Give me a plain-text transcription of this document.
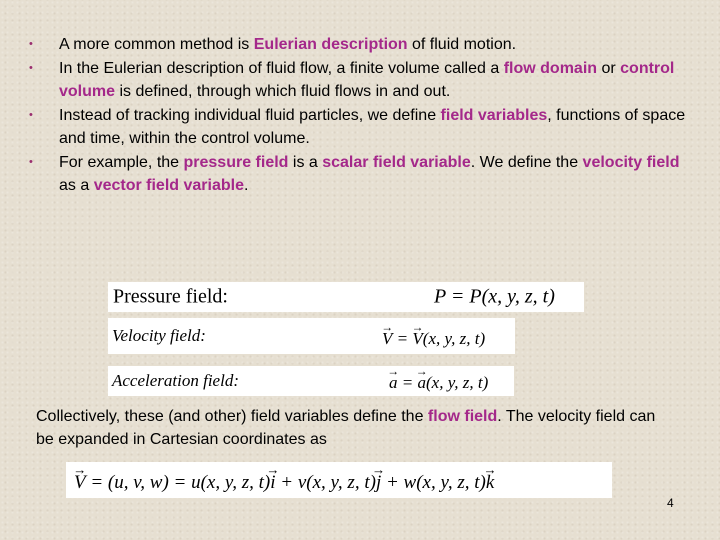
• A more common method is Eulerian description of fluid motion.
• In the Eulerian description of fluid flow, a finite volume called a flow domain or control volume is defined, through which fluid flows in and out.
• Instead of tracking individual fluid particles, we define field variables, functions of space and time, within the control volume.
• For example, the pressure field is a scalar field variable. We define the velocity field as a vector field variable.
Pressure field:	P = P(x, y, z, t)
Velocity field:	→ V = → V(x, y, z, t)
Acceleration field:	→ a = → a(x, y, z, t)

Collectively, these (and other) field variables define the flow field. The velocity field can be expanded in Cartesian coordinates as

→ V = (u, v, w) = u(x, y, z, t)→ i + v(x, y, z, t)→ j + w(x, y, z, t)→ k
4
